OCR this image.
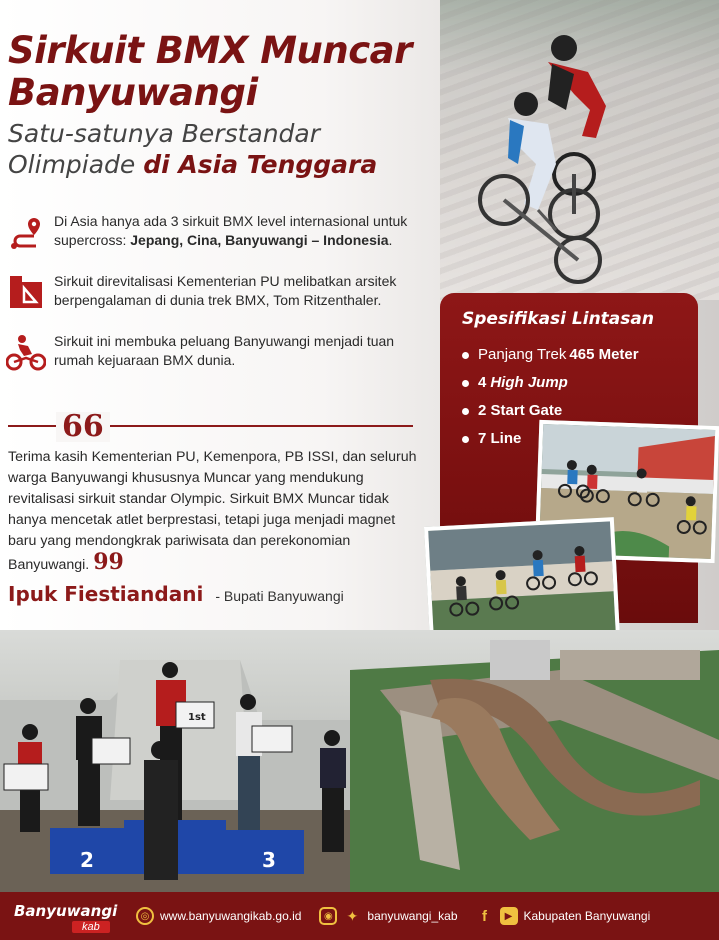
Sirkuit BMX Muncar
Banyuwangi
Satu-satunya Berstandar
Olimpiade di Asia Tenggara
Di Asia hanya ada 3 sirkuit BMX level internasional untuk supercross: Jepang, Cina, Banyuwangi – Indonesia.
Sirkuit direvitalisasi Kementerian PU melibatkan arsitek berpengalaman di dunia trek BMX, Tom Ritzenthaler.
Sirkuit ini membuka peluang Banyuwangi menjadi tuan rumah kejuaraan BMX dunia.
66
Terima kasih Kementerian PU, Kemenpora, PB ISSI, dan seluruh warga Banyuwangi khususnya Muncar yang mendukung revitalisasi sirkuit standar Olympic. Sirkuit BMX Muncar tidak hanya mencetak atlet berprestasi, tetapi juga menjadi magnet baru yang mendongkrak pariwisata dan perekonomian Banyuwangi. 99
Ipuk Fiestiandani - Bupati Banyuwangi
Spesifikasi Lintasan
Panjang Trek 465 Meter
4 High Jump
2 Start Gate
7 Line
2	3
1st
Banyuwangi
kab
◎ www.banyuwangikab.go.id	◉ ✦ banyuwangi_kab	f	▶ Kabupaten Banyuwangi
